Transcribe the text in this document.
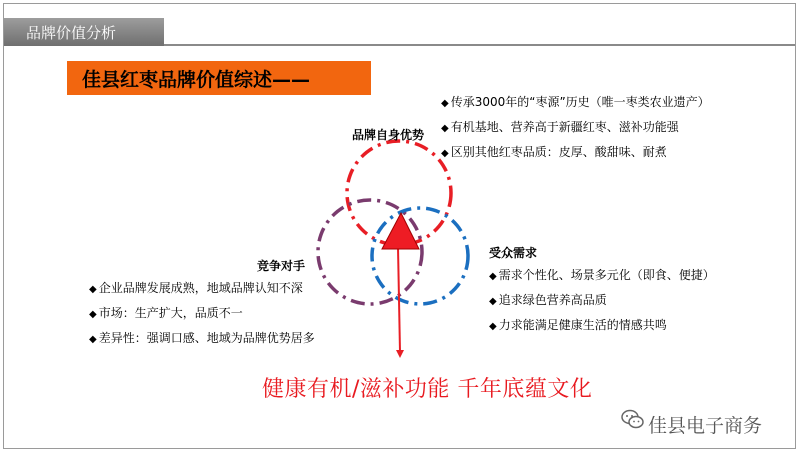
品牌价值分析
佳县红枣品牌价值综述——
品牌自身优势
竞争对手
受众需求
◆ 传承3000年的“枣源”历史（唯一枣类农业遗产）
◆ 有机基地、营养高于新疆红枣、滋补功能强
◆ 区别其他红枣品质：皮厚、酸甜味、耐煮
◆ 企业品牌发展成熟，地域品牌认知不深
◆ 市场：生产扩大，品质不一
◆ 差异性：强调口感、地域为品牌优势居多
◆ 需求个性化、场景多元化（即食、便捷）
◆ 追求绿色营养高品质
◆ 力求能满足健康生活的情感共鸣
健康有机/滋补功能 千年底蕴文化
佳县电子商务
